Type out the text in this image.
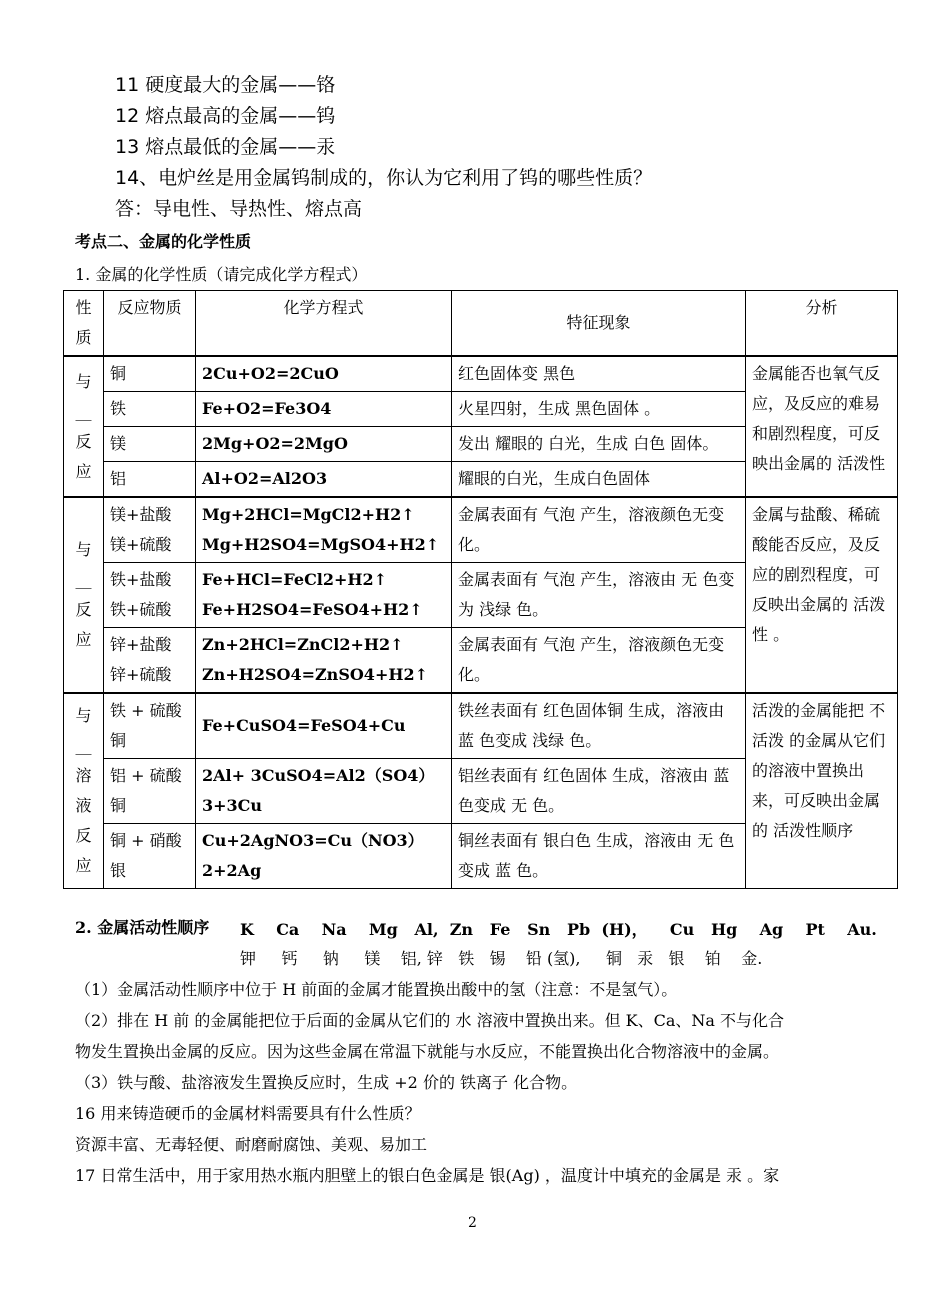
11 硬度最大的金属——铬
12 熔点最高的金属——钨
13 熔点最低的金属——汞
14、电炉丝是用金属钨制成的，你认为它利用了钨的哪些性质？
答：导电性、导热性、熔点高
考点二、金属的化学性质
1. 金属的化学性质（请完成化学方程式）
性质	反应物质	化学方程式	特征现象	分析
与__反应	铜	2Cu+O2=2CuO	红色固体变 黑色	金属能否也氧气反应，及反应的难易和剧烈程度，可反映出金属的 活泼性
	铁	Fe+O2=Fe3O4	火星四射，生成 黑色固体 。	
	镁	2Mg+O2=2MgO	发出 耀眼的 白光，生成 白色 固体。	
	铝	Al+O2=Al2O3	耀眼的白光，生成白色固体	
与__反应	镁+盐酸 镁+硫酸	Mg+2HCl=MgCl2+H2↑ Mg+H2SO4=MgSO4+H2↑	金属表面有 气泡 产生，溶液颜色无变化。	金属与盐酸、稀硫酸能否反应，及反应的剧烈程度，可反映出金属的 活泼性 。
	铁+盐酸 铁+硫酸	Fe+HCl=FeCl2+H2↑ Fe+H2SO4=FeSO4+H2↑	金属表面有 气泡 产生，溶液由 无 色变为 浅绿 色。	
	锌+盐酸 锌+硫酸	Zn+2HCl=ZnCl2+H2↑ Zn+H2SO4=ZnSO4+H2↑	金属表面有 气泡 产生，溶液颜色无变化。	
与__溶液反应	铁 + 硫酸铜	Fe+CuSO4=FeSO4+Cu	铁丝表面有 红色固体铜 生成，溶液由 蓝 色变成 浅绿 色。	活泼的金属能把 不活泼 的金属从它们的溶液中置换出来，可反映出金属的 活泼性顺序
	铝 + 硫酸铜	2Al+ 3CuSO4=Al2（SO4）3+3Cu	铝丝表面有 红色固体 生成，溶液由 蓝 色变成 无 色。	
	铜 + 硝酸银	Cu+2AgNO3=Cu（NO3）2+2Ag	铜丝表面有 银白色 生成，溶液由 无 色变成 蓝 色。	
2. 金属活动性顺序 K Ca Na Mg Al, Zn Fe Sn Pb (H)， Cu Hg Ag Pt Au.
钾 钙 钠 镁 铝, 锌 铁 锡 铅 (氢), 铜 汞 银 铂 金.
（1）金属活动性顺序中位于 H 前面的金属才能置换出酸中的氢（注意：不是氢气）。
（2）排在 H 前 的金属能把位于后面的金属从它们的 水 溶液中置换出来。但 K、Ca、Na 不与化合
物发生置换出金属的反应。因为这些金属在常温下就能与水反应，不能置换出化合物溶液中的金属。
（3）铁与酸、盐溶液发生置换反应时，生成 +2 价的 铁离子 化合物。
16 用来铸造硬币的金属材料需要具有什么性质？
资源丰富、无毒轻便、耐磨耐腐蚀、美观、易加工
17 日常生活中，用于家用热水瓶内胆壁上的银白色金属是 银(Ag) ，温度计中填充的金属是 汞 。家
2
